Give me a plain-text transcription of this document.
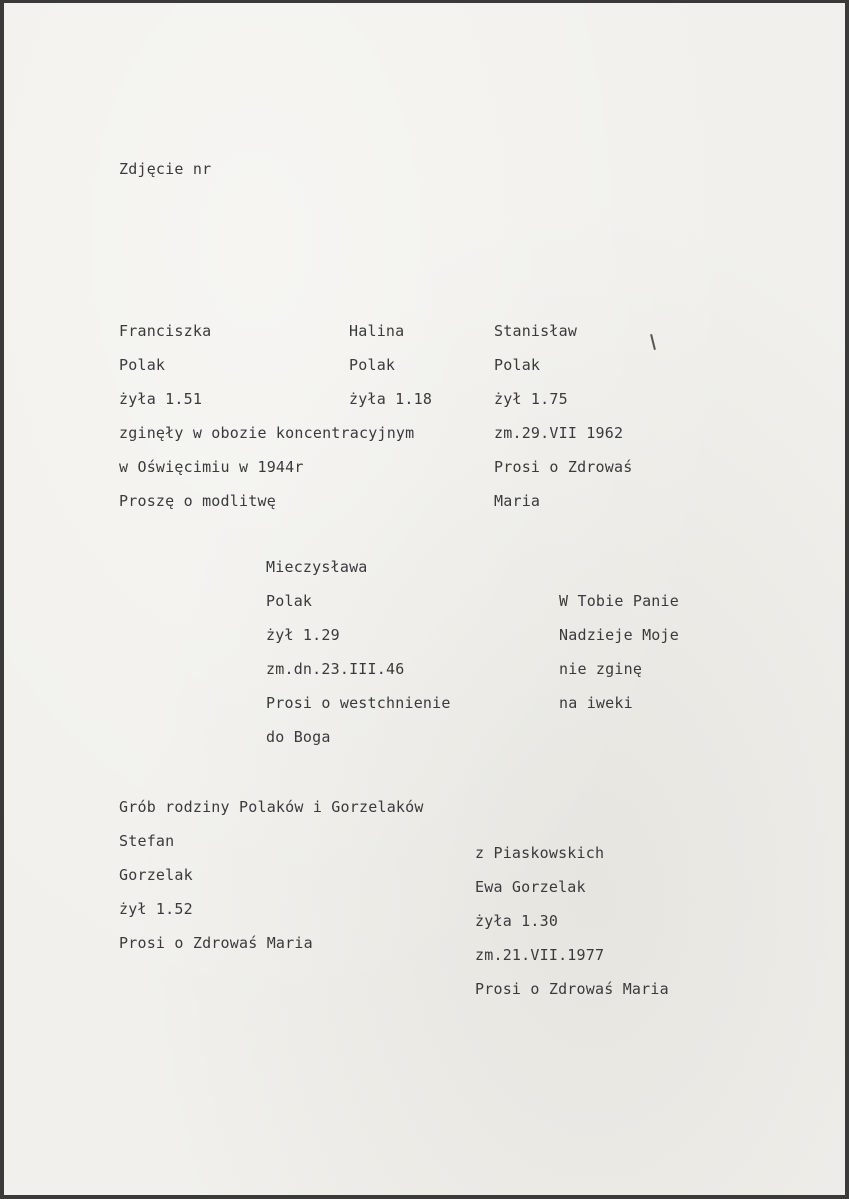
Zdjęcie nr
Franciszka
Polak
żyła 1.51
zginęły w obozie koncentracyjnym
w Oświęcimiu w 1944r
Proszę o modlitwę
Halina
Polak
żyła 1.18
Stanisław
Polak
żył 1.75
zm.29.VII 1962
Prosi o Zdrowaś
Maria
Mieczysława
Polak
żył 1.29
zm.dn.23.III.46
Prosi o westchnienie
do Boga
W Tobie Panie
Nadzieje Moje
nie zginę
na iweki
Grób rodziny Polaków i Gorzelaków
Stefan
Gorzelak
żył 1.52
Prosi o Zdrowaś Maria
z Piaskowskich
Ewa Gorzelak
żyła 1.30
zm.21.VII.1977
Prosi o Zdrowaś Maria
